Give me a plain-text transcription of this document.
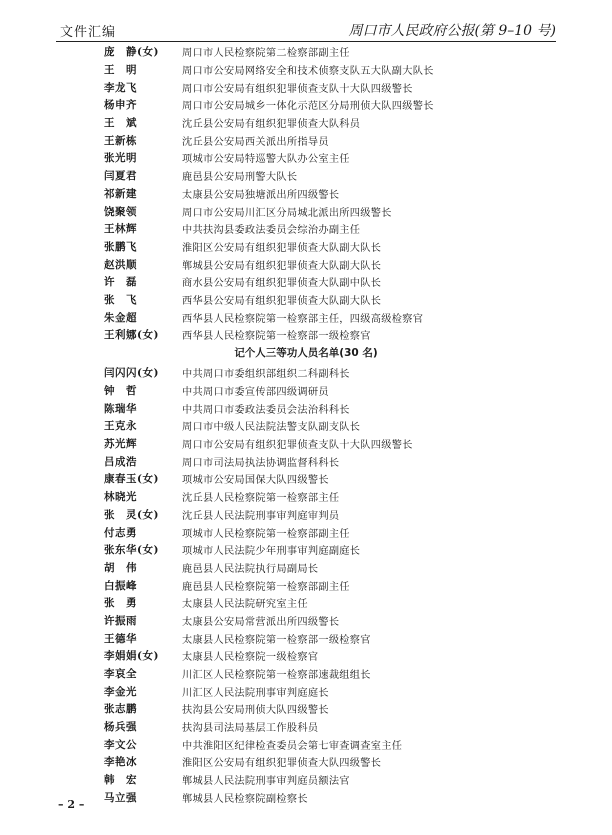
文件汇编	周口市人民政府公报(第 9–10 号)
庞　静(女)	周口市人民检察院第二检察部副主任
王　明	周口市公安局网络安全和技术侦察支队五大队副大队长
李龙飞	周口市公安局有组织犯罪侦查支队十大队四级警长
杨申齐	周口市公安局城乡一体化示范区分局刑侦大队四级警长
王　斌	沈丘县公安局有组织犯罪侦查大队科员
王新栋	沈丘县公安局西关派出所指导员
张光明	项城市公安局特巡警大队办公室主任
闫夏君	鹿邑县公安局刑警大队长
祁新建	太康县公安局独塘派出所四级警长
饶聚领	周口市公安局川汇区分局城北派出所四级警长
王林辉	中共扶沟县委政法委员会综治办副主任
张鹏飞	淮阳区公安局有组织犯罪侦查大队副大队长
赵洪顺	郸城县公安局有组织犯罪侦查大队副大队长
许　磊	商水县公安局有组织犯罪侦查大队副中队长
张　飞	西华县公安局有组织犯罪侦查大队副大队长
朱金超	西华县人民检察院第一检察部主任，四级高级检察官
王利娜(女)	西华县人民检察院第一检察部一级检察官
记个人三等功人员名单(30 名)
闫闪闪(女)	中共周口市委组织部组织二科副科长
钟　哲	中共周口市委宣传部四级调研员
陈瑞华	中共周口市委政法委员会法治科科长
王克永	周口市中级人民法院法警支队副支队长
苏光辉	周口市公安局有组织犯罪侦查支队十大队四级警长
吕成浩	周口市司法局执法协调监督科科长
康春玉(女)	项城市公安局国保大队四级警长
林晓光	沈丘县人民检察院第一检察部主任
张　灵(女)	沈丘县人民法院刑事审判庭审判员
付志勇	项城市人民检察院第一检察部副主任
张东华(女)	项城市人民法院少年刑事审判庭副庭长
胡　伟	鹿邑县人民法院执行局副局长
白振峰	鹿邑县人民检察院第一检察部副主任
张　勇	太康县人民法院研究室主任
许振雨	太康县公安局常营派出所四级警长
王德华	太康县人民检察院第一检察部一级检察官
李娟娟(女)	太康县人民检察院一级检察官
李哀全	川汇区人民检察院第一检察部速裁组组长
李金光	川汇区人民法院刑事审判庭庭长
张志鹏	扶沟县公安局刑侦大队四级警长
杨兵强	扶沟县司法局基层工作股科员
李文公	中共淮阳区纪律检查委员会第七审查调查室主任
李艳冰	淮阳区公安局有组织犯罪侦查大队四级警长
韩　宏	郸城县人民法院刑事审判庭员额法官
马立强	郸城县人民检察院副检察长
– 2 –
